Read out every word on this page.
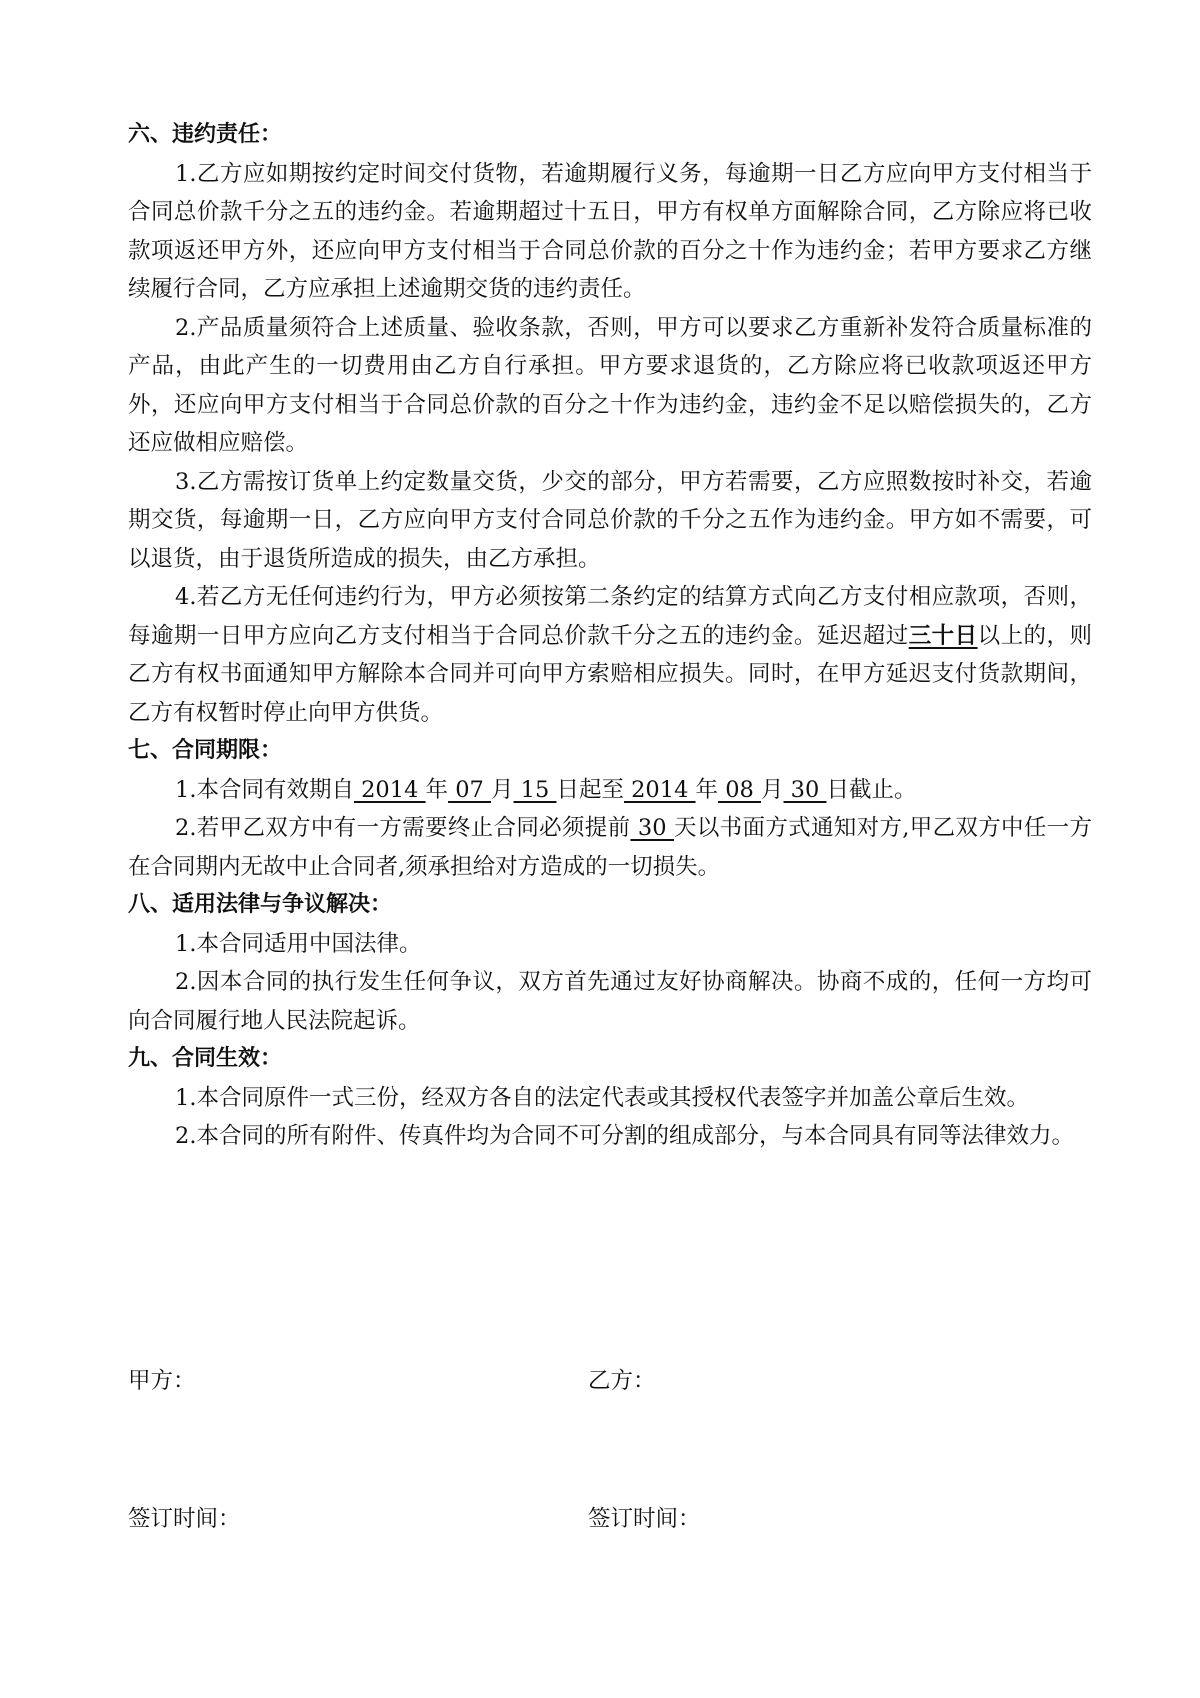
六、违约责任：

1.乙方应如期按约定时间交付货物，若逾期履行义务，每逾期一日乙方应向甲方支付相当于合同总价款千分之五的违约金。若逾期超过十五日，甲方有权单方面解除合同，乙方除应将已收款项返还甲方外，还应向甲方支付相当于合同总价款的百分之十作为违约金；若甲方要求乙方继续履行合同，乙方应承担上述逾期交货的违约责任。

2.产品质量须符合上述质量、验收条款，否则，甲方可以要求乙方重新补发符合质量标准的产品，由此产生的一切费用由乙方自行承担。甲方要求退货的，乙方除应将已收款项返还甲方外，还应向甲方支付相当于合同总价款的百分之十作为违约金，违约金不足以赔偿损失的，乙方还应做相应赔偿。

3.乙方需按订货单上约定数量交货，少交的部分，甲方若需要，乙方应照数按时补交，若逾期交货，每逾期一日，乙方应向甲方支付合同总价款的千分之五作为违约金。甲方如不需要，可以退货，由于退货所造成的损失，由乙方承担。

4.若乙方无任何违约行为，甲方必须按第二条约定的结算方式向乙方支付相应款项，否则，每逾期一日甲方应向乙方支付相当于合同总价款千分之五的违约金。延迟超过三十日以上的，则乙方有权书面通知甲方解除本合同并可向甲方索赔相应损失。同时，在甲方延迟支付货款期间，乙方有权暂时停止向甲方供货。

七、合同期限：

1.本合同有效期自 2014 年 07 月 15 日起至 2014 年 08 月 30 日截止。

2.若甲乙双方中有一方需要终止合同必须提前 30 天以书面方式通知对方,甲乙双方中任一方在合同期内无故中止合同者,须承担给对方造成的一切损失。

八、适用法律与争议解决：

1.本合同适用中国法律。

2.因本合同的执行发生任何争议，双方首先通过友好协商解决。协商不成的，任何一方均可向合同履行地人民法院起诉。

九、合同生效：

1.本合同原件一式三份，经双方各自的法定代表或其授权代表签字并加盖公章后生效。

2.本合同的所有附件、传真件均为合同不可分割的组成部分，与本合同具有同等法律效力。

甲方：	乙方：
签订时间：	签订时间：
